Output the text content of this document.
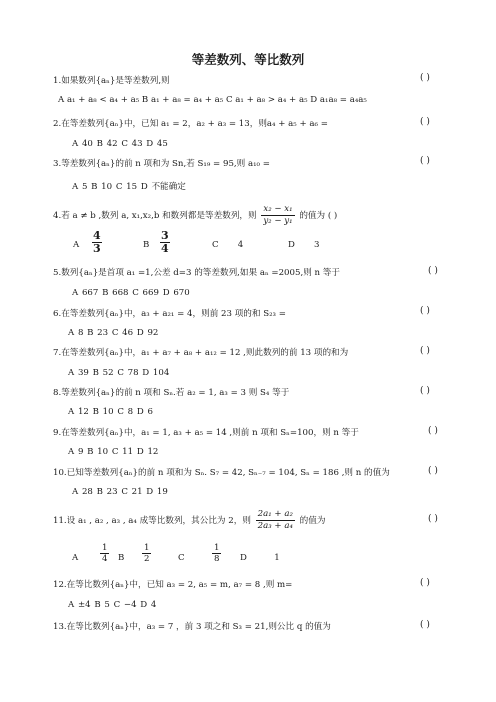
等差数列、等比数列
1.如果数列{aₙ}是等差数列,则	( )
A a₁ + a₈ < a₄ + a₅ B a₁ + a₈ = a₄ + a₅ C a₁ + a₈ > a₄ + a₅ D a₁a₈ = a₄a₅
2.在等差数列{aₙ}中，已知 a₁ = 2，a₂ + a₃ = 13，则a₄ + a₅ + a₆ =	( )
A 40 B 42 C 43 D 45
3.等差数列{aₙ}的前 n 项和为 Sn,若 S₁₉ = 95,则 a₁₀ =	( )
A 5 B 10 C 15 D 不能确定
4.若 a ≠ b ,数列 a, x₁,x₂,b 和数列都是等差数列，则 $\frac{\text{x₂ − x₁}}{\text{y₂ − y₁}}$ 的值为 ( )
A $\frac{4}{3}$	B $\frac{3}{4}$	C       4	D       3
5.数列{aₙ}是首项 a₁ =1,公差 d=3 的等差数列,如果 aₙ =2005,则 n 等于	( )
A 667 B 668 C 669 D 670
6.在等差数列{aₙ}中，a₃ + a₂₁ = 4，则前 23 项的和 S₂₃ =	( )
A 8 B 23 C 46 D 92
7.在等差数列{aₙ}中，a₁ + a₇ + a₈ + a₁₂ = 12 ,则此数列的前 13 项的和为	( )
A 39 B 52 C 78 D 104
8.等差数列{aₙ}的前 n 项和 Sₙ.若 a₂ = 1, a₃ = 3 则 S₄ 等于	( )
A 12 B 10 C 8 D 6
9.在等差数列{aₙ}中，a₁ = 1, a₃ + a₅ = 14 ,则前 n 项和 Sₙ=100，则 n 等于	( )
A 9 B 10 C 11 D 12
10.已知等差数列{aₙ}的前 n 项和为 Sₙ. S₇ = 42, Sₙ₋₇ = 104, Sₙ = 186 ,则 n 的值为	( )
A 28 B 23 C 21 D 19
11.设 a₁ , a₂ , a₃ , a₄ 成等比数列，其公比为 2，则 $\frac{\text{2a₁ + a₂}}{\text{2a₃ + a₄}}$ 的值为	( )
A	$\frac{1}{4}$ B $\frac{1}{2}$	C	$\frac{1}{8}$ D          1
12.在等比数列{aₙ}中，已知 a₃ = 2, a₅ = m, a₇ = 8 ,则 m=	( )
A ±4 B 5 C −4 D 4
13.在等比数列{aₙ}中，a₃ = 7 ，前 3 项之和 S₃ = 21,则公比 q 的值为	( )
